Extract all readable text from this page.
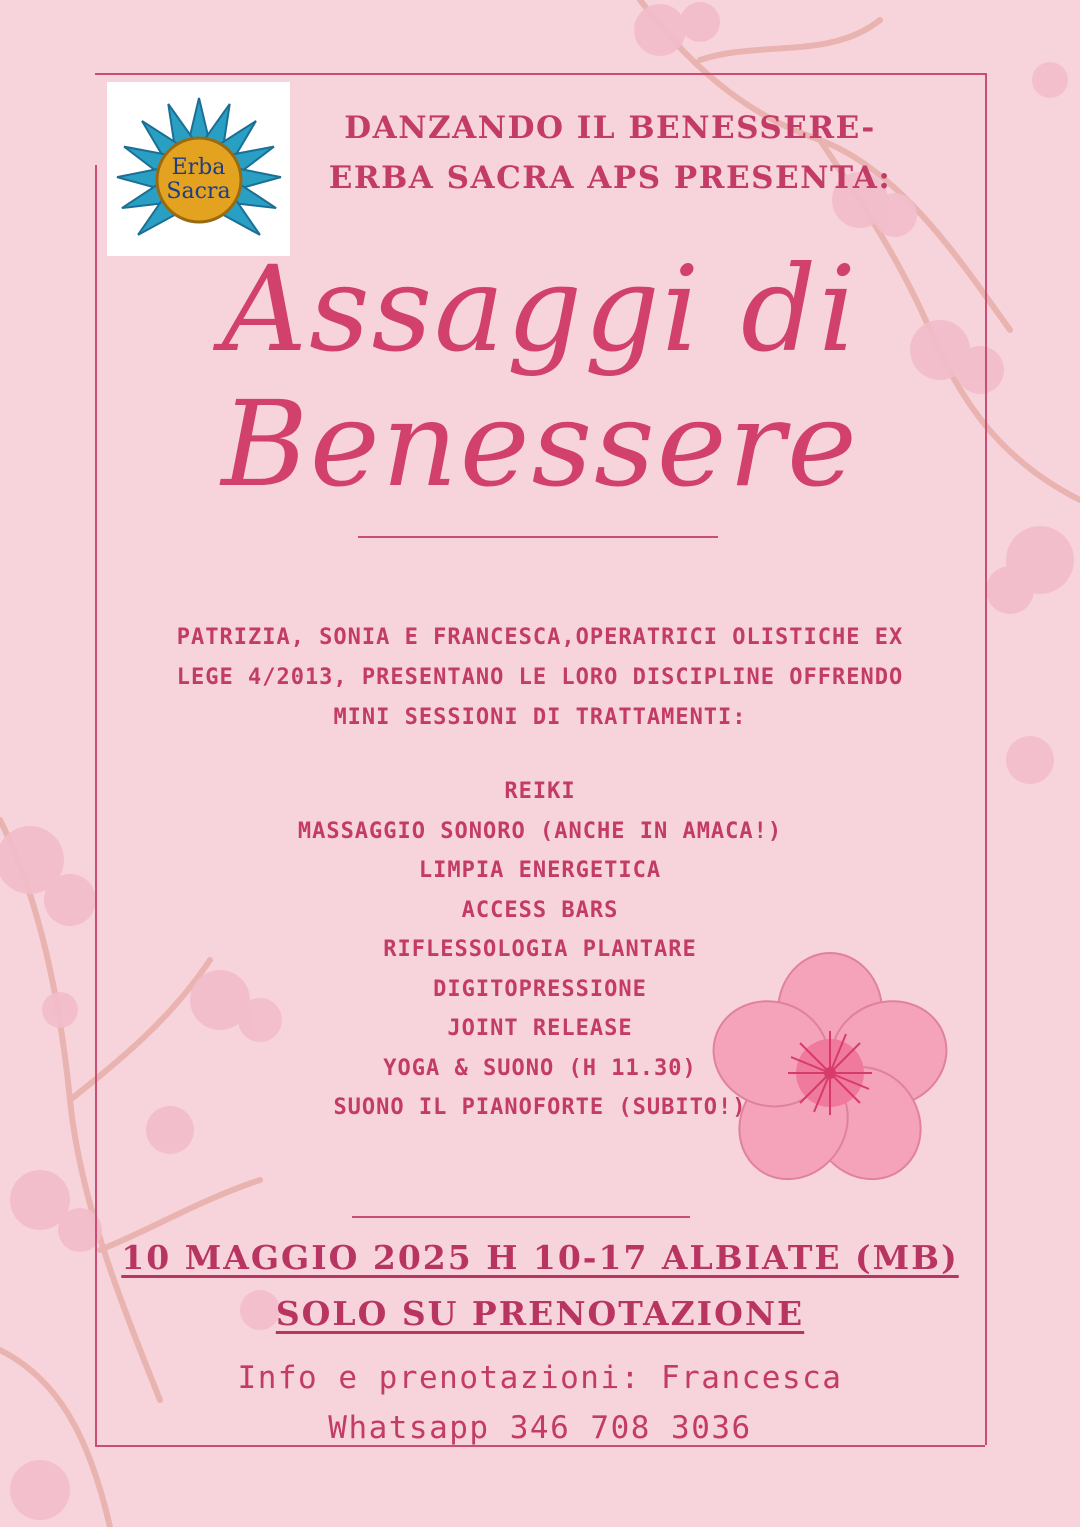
Erba
Sacra
DANZANDO IL BENESSERE-
ERBA SACRA APS PRESENTA:
Assaggi di
Benessere
PATRIZIA, SONIA E FRANCESCA,OPERATRICI OLISTICHE EX
LEGE 4/2013, PRESENTANO LE LORO DISCIPLINE OFFRENDO
MINI SESSIONI DI TRATTAMENTI:
REIKI
MASSAGGIO SONORO (ANCHE IN AMACA!)
LIMPIA ENERGETICA
ACCESS BARS
RIFLESSOLOGIA PLANTARE
DIGITOPRESSIONE
JOINT RELEASE
YOGA & SUONO (H 11.30)
SUONO IL PIANOFORTE (SUBITO!)
10 MAGGIO 2025 H 10-17 ALBIATE (MB)
SOLO SU PRENOTAZIONE
Info e prenotazioni: Francesca
Whatsapp 346 708 3036
